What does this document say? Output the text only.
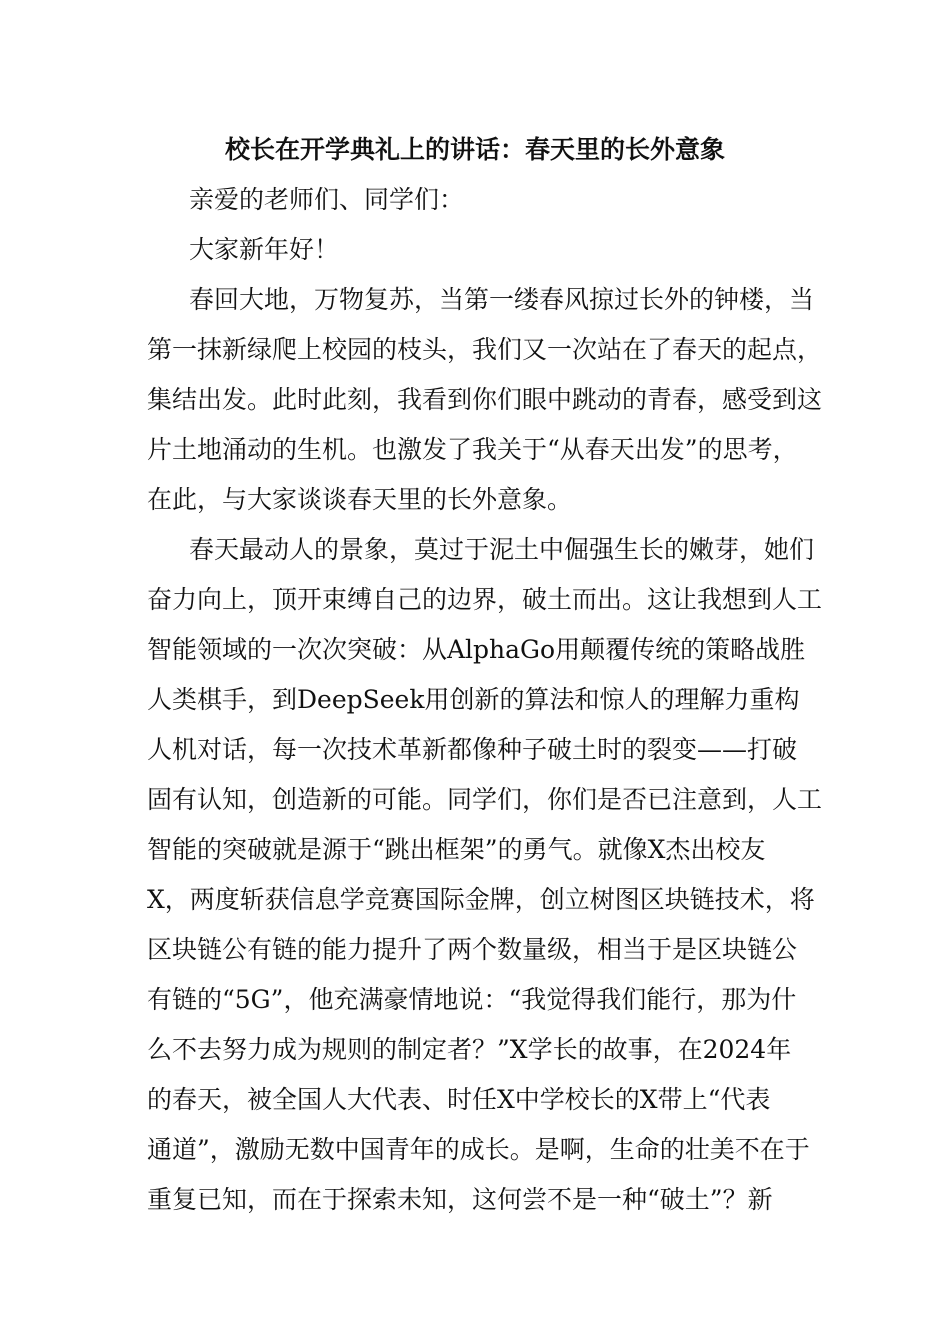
校长在开学典礼上的讲话：春天里的长外意象
亲爱的老师们、同学们：
大家新年好！
春回大地，万物复苏，当第一缕春风掠过长外的钟楼，当
第一抹新绿爬上校园的枝头，我们又一次站在了春天的起点，
集结出发。此时此刻，我看到你们眼中跳动的青春，感受到这
片土地涌动的生机。也激发了我关于“从春天出发”的思考，
在此，与大家谈谈春天里的长外意象。
春天最动人的景象，莫过于泥土中倔强生长的嫩芽，她们
奋力向上，顶开束缚自己的边界，破土而出。这让我想到人工
智能领域的一次次突破：从AlphaGo用颠覆传统的策略战胜
人类棋手，到DeepSeek用创新的算法和惊人的理解力重构
人机对话，每一次技术革新都像种子破土时的裂变——打破
固有认知，创造新的可能。同学们，你们是否已注意到，人工
智能的突破就是源于“跳出框架”的勇气。就像X杰出校友
X，两度斩获信息学竞赛国际金牌，创立树图区块链技术，将
区块链公有链的能力提升了两个数量级，相当于是区块链公
有链的“5G”，他充满豪情地说：“我觉得我们能行，那为什
么不去努力成为规则的制定者？”X学长的故事，在2024年
的春天，被全国人大代表、时任X中学校长的X带上“代表
通道”，激励无数中国青年的成长。是啊，生命的壮美不在于
重复已知，而在于探索未知，这何尝不是一种“破土”？新
